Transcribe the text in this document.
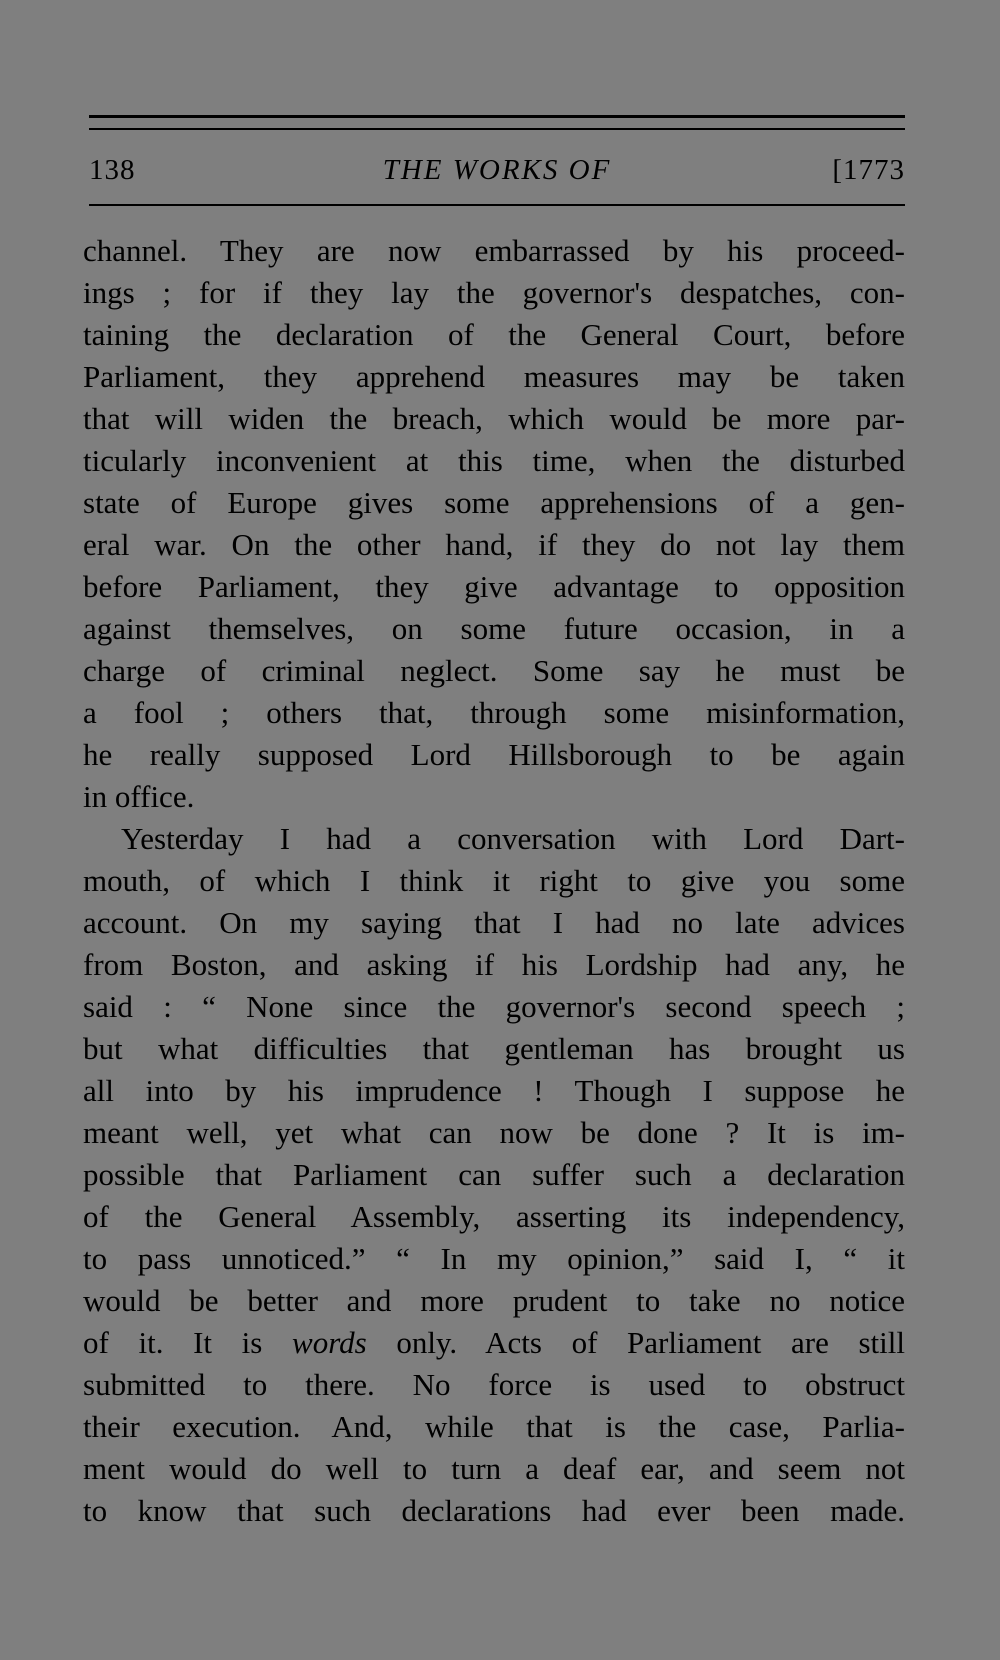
138	THE WORKS OF	[1773
channel. They are now embarrassed by his proceed-
ings ; for if they lay the governor's despatches, con-
taining the declaration of the General Court, before
Parliament, they apprehend measures may be taken
that will widen the breach, which would be more par-
ticularly inconvenient at this time, when the disturbed
state of Europe gives some apprehensions of a gen-
eral war. On the other hand, if they do not lay them
before Parliament, they give advantage to opposition
against themselves, on some future occasion, in a
charge of criminal neglect. Some say he must be
a fool ; others that, through some misinformation,
he really supposed Lord Hillsborough to be again
in office.
Yesterday I had a conversation with Lord Dart-
mouth, of which I think it right to give you some
account. On my saying that I had no late advices
from Boston, and asking if his Lordship had any, he
said : “ None since the governor's second speech ;
but what difficulties that gentleman has brought us
all into by his imprudence ! Though I suppose he
meant well, yet what can now be done ? It is im-
possible that Parliament can suffer such a declaration
of the General Assembly, asserting its independency,
to pass unnoticed.” “ In my opinion,” said I, “ it
would be better and more prudent to take no notice
of it. It is words only. Acts of Parliament are still
submitted to there. No force is used to obstruct
their execution. And, while that is the case, Parlia-
ment would do well to turn a deaf ear, and seem not
to know that such declarations had ever been made.
